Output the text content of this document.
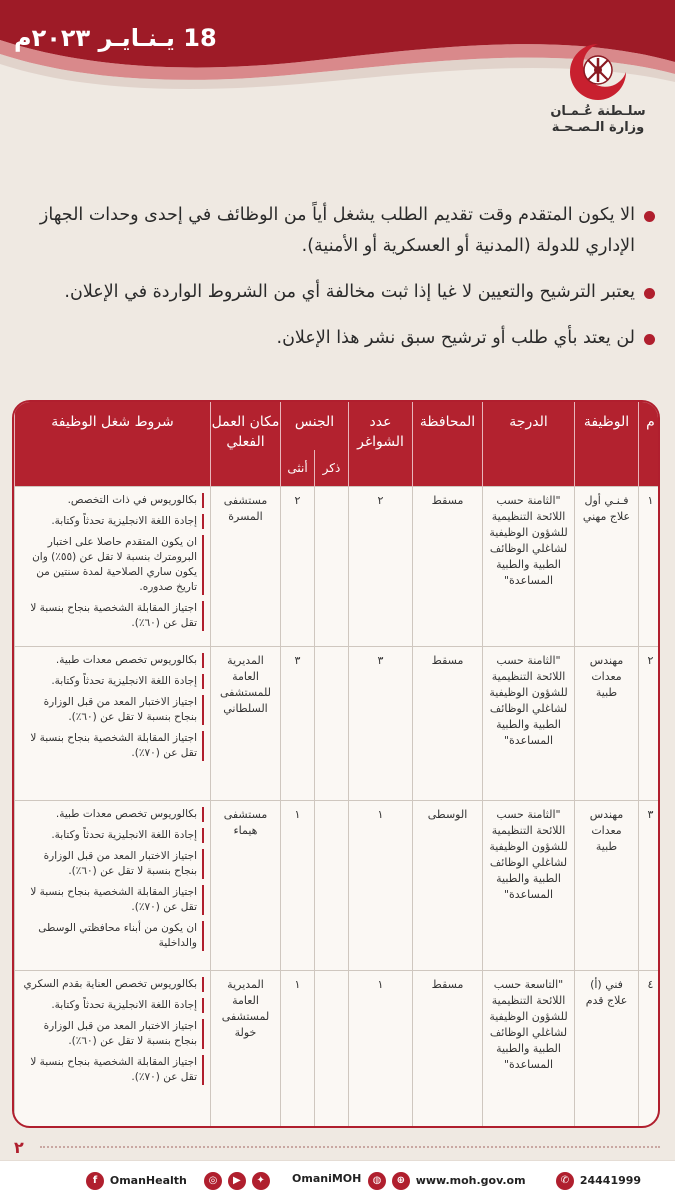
18 يـنـايـر ٢٠٢٣م
سلـطنة عُـمـان
وزارة الـصـحـة
الا يكون المتقدم وقت تقديم الطلب يشغل أياً من الوظائف في إحدى وحدات الجهاز الإداري للدولة (المدنية أو العسكرية أو الأمنية).
يعتبر الترشيح والتعيين لا غيا إذا ثبت مخالفة أي من الشروط الواردة في الإعلان.
لن يعتد بأي طلب أو ترشيح سبق نشر هذا الإعلان.
م	الوظيفة	الدرجة	المحافظة	عدد الشواغر	الجنس		مكان العمل الفعلي	شروط شغل الوظيفة
					ذكر	أنثى		
١	فـنـي أول علاج مهني	"الثامنة حسب اللائحة التنظيمية للشؤون الوظيفية لشاغلي الوظائف الطبية والطبية المساعدة"	مسقط	٢		٢	مستشفى المسرة	بكالوريوس في ذات التخصص.
إجادة اللغة الانجليزية تحدثاً وكتابة.
ان يكون المتقدم حاصلا على اختبار البرومترك بنسبة لا تقل عن (٥٥٪) وان يكون ساري الصلاحية لمدة سنتين من تاريخ صدوره.
اجتياز المقابلة الشخصية بنجاح بنسبة لا تقل عن (٦٠٪).

٢	مهندس معدات طبية	"الثامنة حسب اللائحة التنظيمية للشؤون الوظيفية لشاغلي الوظائف الطبية والطبية المساعدة"	مسقط	٣		٣	المديرية العامة للمستشفى السلطاني	بكالوريوس تخصص معدات طبية.
إجادة اللغة الانجليزية تحدثاً وكتابة.
اجتياز الاختبار المعد من قبل الوزارة بنجاح بنسبة لا تقل عن (٦٠٪).
اجتياز المقابلة الشخصية بنجاح بنسبة لا تقل عن (٧٠٪).

٣	مهندس معدات طبية	"الثامنة حسب اللائحة التنظيمية للشؤون الوظيفية لشاغلي الوظائف الطبية والطبية المساعدة"	الوسطى	١		١	مستشفى هيماء	بكالوريوس تخصص معدات طبية.
إجادة اللغة الانجليزية تحدثاً وكتابة.
اجتياز الاختبار المعد من قبل الوزارة بنجاح بنسبة لا تقل عن (٦٠٪).
اجتياز المقابلة الشخصية بنجاح بنسبة لا تقل عن (٧٠٪).
ان يكون من أبناء محافظتي الوسطى والداخلية

٤	فني (أ) علاج قدم	"التاسعة حسب اللائحة التنظيمية للشؤون الوظيفية لشاغلي الوظائف الطبية والطبية المساعدة"	مسقط	١		١	المديرية العامة لمستشفى خولة	بكالوريوس تخصص العناية بقدم السكري
إجادة اللغة الانجليزية تحدثاً وكتابة.
اجتياز الاختبار المعد من قبل الوزارة بنجاح بنسبة لا تقل عن (٦٠٪).
اجتياز المقابلة الشخصية بنجاح بنسبة لا تقل عن (٧٠٪).
٢
f OmanHealth	◎ ▶ ✦	OmaniMOH	◍ ⊕ www.moh.gov.om	✆ 24441999
